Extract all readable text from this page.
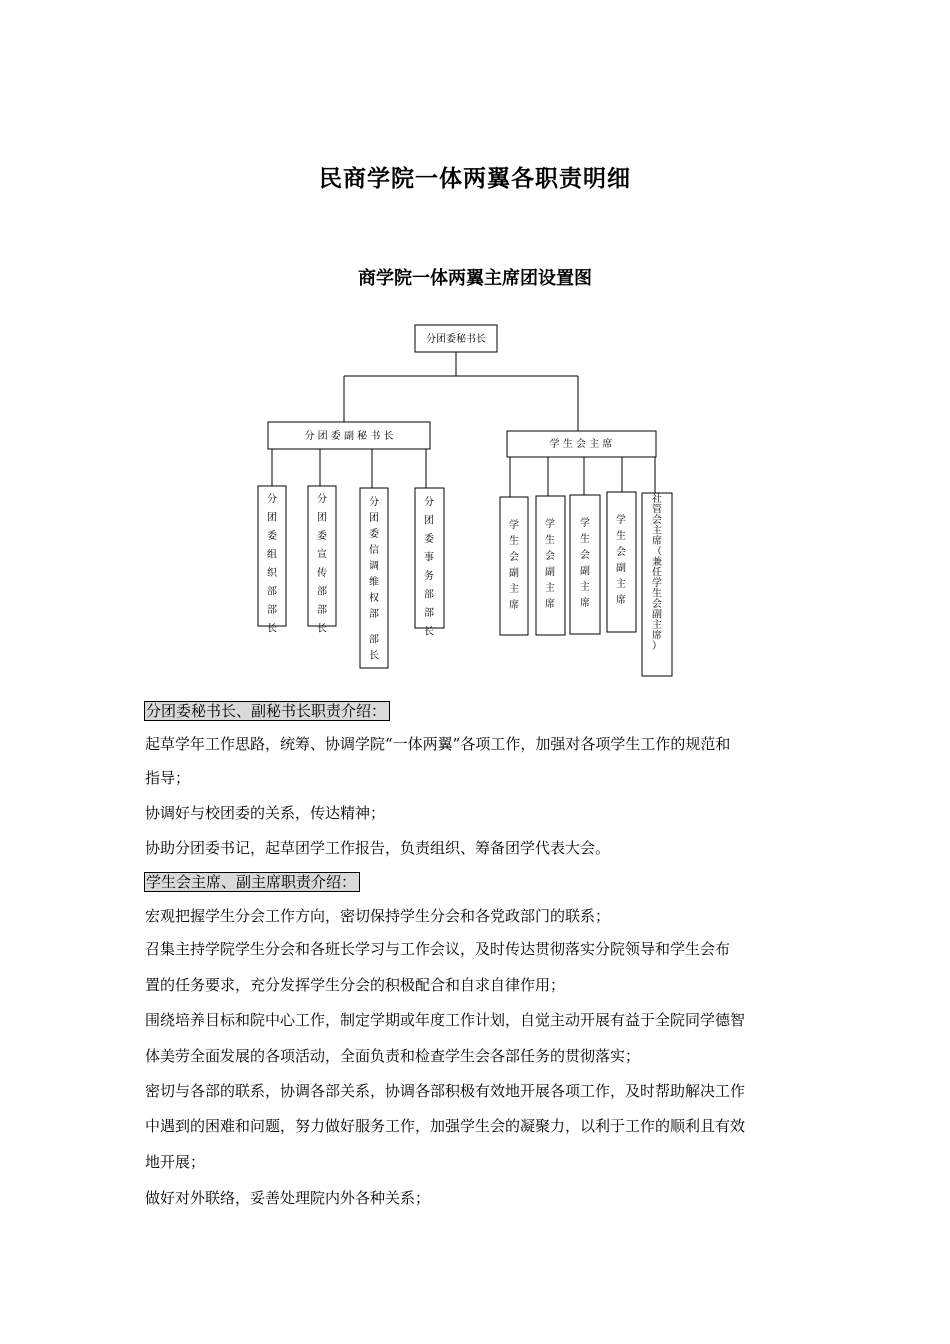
民商学院一体两翼各职责明细
商学院一体两翼主席团设置图
分团委秘书长
分 团 委 副 秘 书 长
学 生 会 主 席
分团委组织部部长
分团委宣传部部长
分团委信调维权部部长
分团委事务部部长
学生会副主席
学生会副主席
学生会副主席
学生会副主席
社管会主席（兼任学生会副主席）
分团委秘书长、副秘书长职责介绍：
起草学年工作思路，统筹、协调学院“一体两翼”各项工作，加强对各项学生工作的规范和
指导；
协调好与校团委的关系，传达精神；
协助分团委书记，起草团学工作报告，负责组织、筹备团学代表大会。
学生会主席、副主席职责介绍：
宏观把握学生分会工作方向，密切保持学生分会和各党政部门的联系；
召集主持学院学生分会和各班长学习与工作会议，及时传达贯彻落实分院领导和学生会布
置的任务要求，充分发挥学生分会的积极配合和自求自律作用；
围绕培养目标和院中心工作，制定学期或年度工作计划，自觉主动开展有益于全院同学德智
体美劳全面发展的各项活动，全面负责和检查学生会各部任务的贯彻落实；
密切与各部的联系，协调各部关系，协调各部积极有效地开展各项工作，及时帮助解决工作
中遇到的困难和问题，努力做好服务工作，加强学生会的凝聚力，以利于工作的顺利且有效
地开展；
做好对外联络，妥善处理院内外各种关系；
